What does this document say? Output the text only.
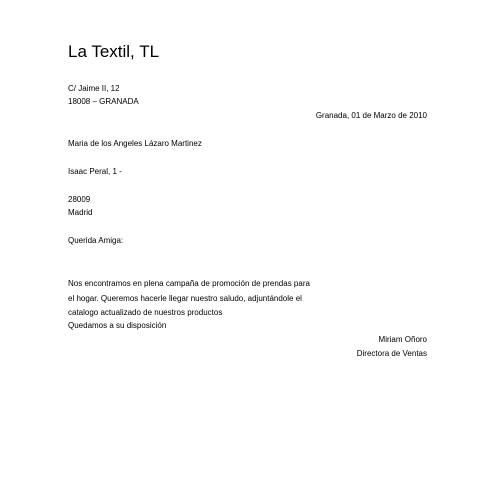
La Textil, TL
C/ Jaime II, 12
18008 – GRANADA
Granada, 01 de Marzo de 2010
Maria de los Angeles Lázaro Martinez
Isaac Peral, 1 -
28009
Madrid
Querida Amiga:
Nos encontramos en plena campaña de promoción de prendas para
el hogar. Queremos hacerle llegar nuestro saludo, adjuntándole el
catalogo actualizado de nuestros productos
Quedamos a su disposición
Miriam Oñoro
Directora de Ventas
